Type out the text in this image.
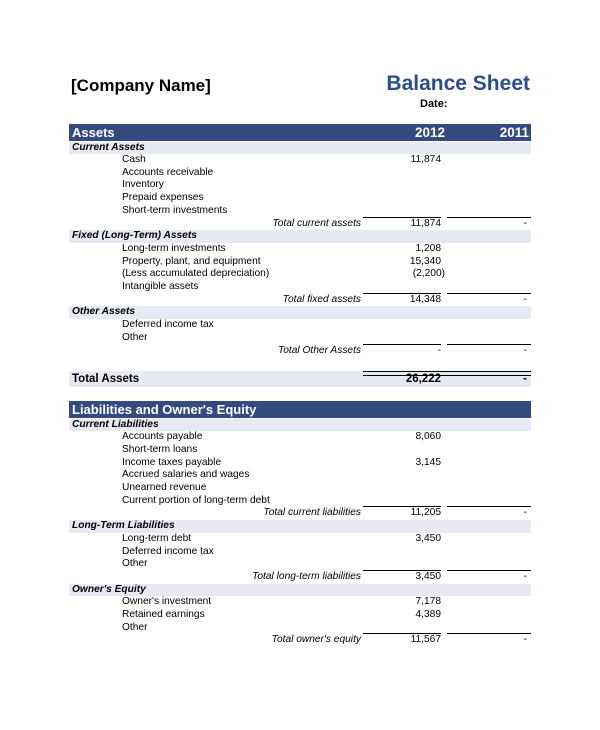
[Company Name]	Balance Sheet
Date:
Assets	2012	2011
Current Assets
Cash	11,874
Accounts receivable
Inventory
Prepaid expenses
Short-term investments
Total current assets	11,874	-
Fixed (Long-Term) Assets
Long-term investments	1,208
Property, plant, and equipment	15,340
(Less accumulated depreciation)	(2,200)
Intangible assets
Total fixed assets	14,348	-
Other Assets
Deferred income tax
Other
Total Other Assets	-	-
Total Assets	26,222	-
Liabilities and Owner's Equity
Current Liabilities
Accounts payable	8,060
Short-term loans
Income taxes payable	3,145
Accrued salaries and wages
Unearned revenue
Current portion of long-term debt
Total current liabilities	11,205	-
Long-Term Liabilities
Long-term debt	3,450
Deferred income tax
Other
Total long-term liabilities	3,450	-
Owner's Equity
Owner's investment	7,178
Retained earnings	4,389
Other
Total owner's equity	11,567	-
